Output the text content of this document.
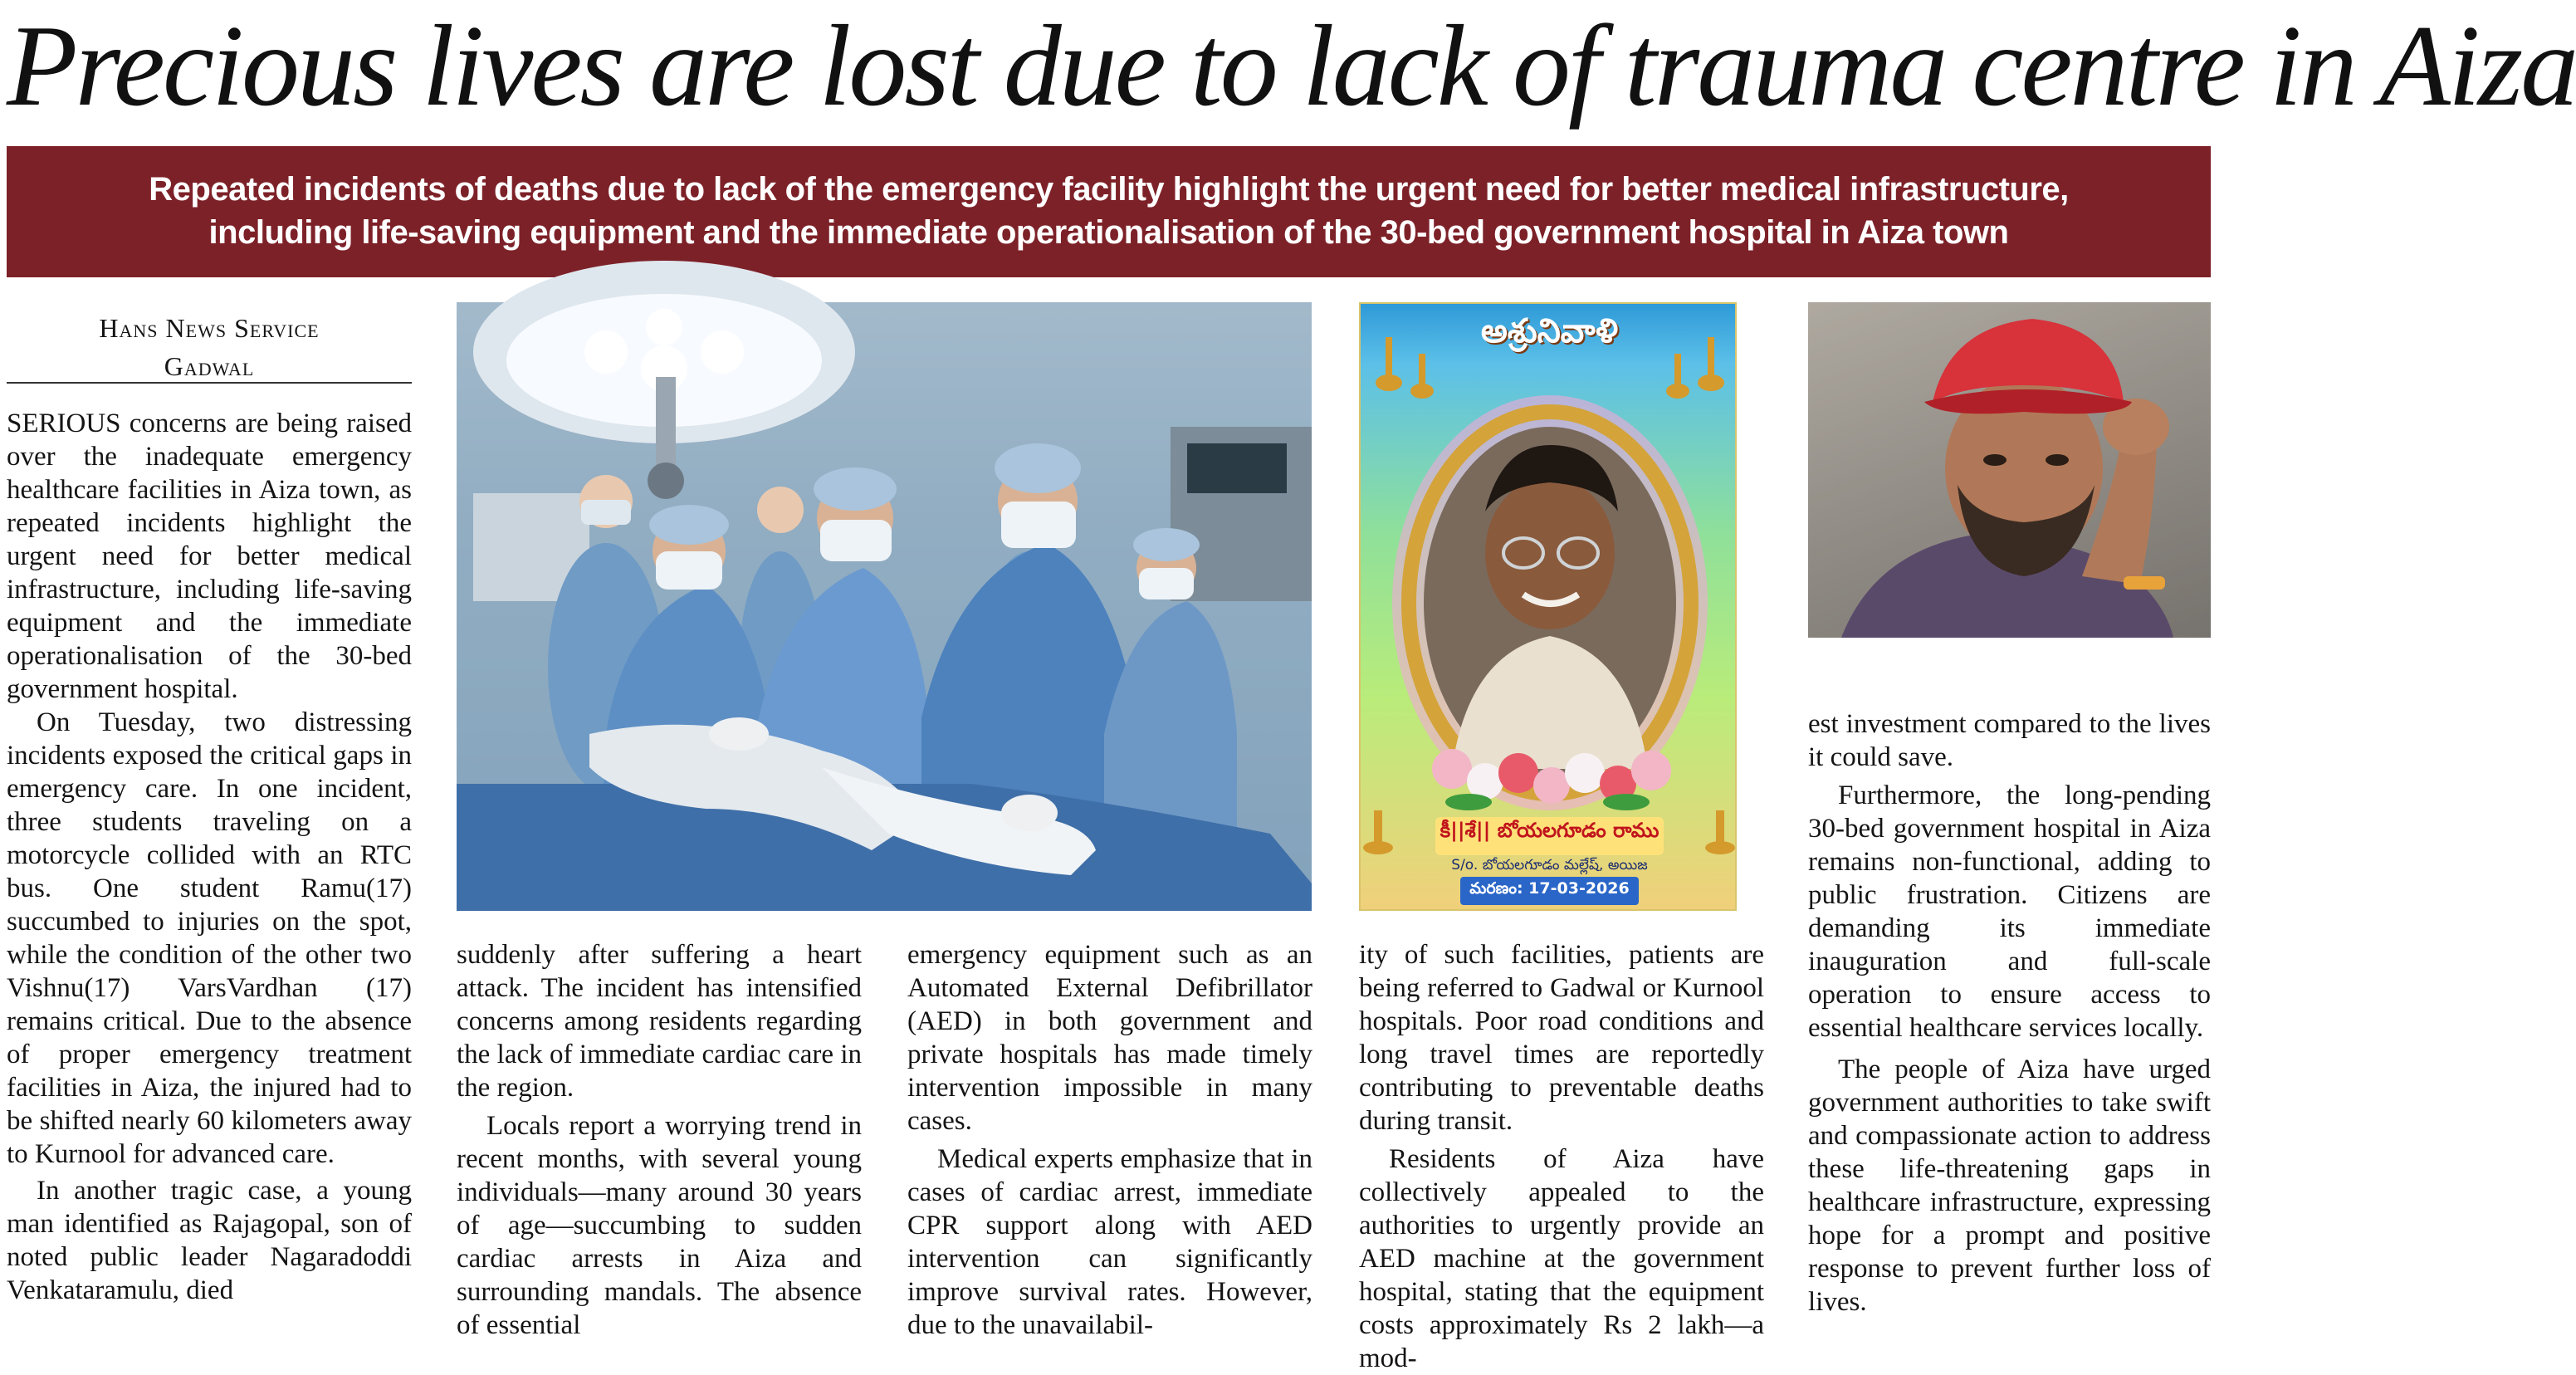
Precious lives are lost due to lack of trauma centre in Aiza

Repeated incidents of deaths due to lack of the emergency facility highlight the urgent need for better medical infrastructure,

including life-saving equipment and the immediate operationalisation of the 30-bed government hospital in Aiza town

Hans News Service
Gadwal

SERIOUS concerns are being raised over the inadequate emergency healthcare facilities in Aiza town, as repeated incidents highlight the urgent need for better medical infrastructure, including life-saving equipment and the immediate operationalisation of the 30-bed government hospital.

On Tuesday, two distressing incidents exposed the critical gaps in emergency care. In one incident, three students traveling on a motorcycle collided with an RTC bus. One student Ramu(17) succumbed to injuries on the spot, while the condition of the other two Vishnu(17) VarsVardhan (17) remains critical. Due to the absence of proper emergency treatment facilities in Aiza, the injured had to be shifted nearly 60 kilometers away to Kurnool for advanced care.

In another tragic case, a young man identified as Rajagopal, son of noted public leader Nagaradoddi Venkataramulu, died

అశ్రునివాళి
కీ||శే|| బోయలగూడం రాము
S/o. బోయలగూడం మల్లేష్, అయిజ
మరణం: 17-03-2026

suddenly after suffering a heart attack. The incident has intensified concerns among residents regarding the lack of immediate cardiac care in the region.

Locals report a worrying trend in recent months, with several young individuals—many around 30 years of age—succumbing to sudden cardiac arrests in Aiza and surrounding mandals. The absence of essential

emergency equipment such as an Automated External Defibrillator (AED) in both government and private hospitals has made timely intervention impossible in many cases.

Medical experts emphasize that in cases of cardiac arrest, immediate CPR support along with AED intervention can significantly improve survival rates. However, due to the unavailabil-

ity of such facilities, patients are being referred to Gadwal or Kurnool hospitals. Poor road conditions and long travel times are reportedly contributing to preventable deaths during transit.

Residents of Aiza have collectively appealed to the authorities to urgently provide an AED machine at the government hospital, stating that the equipment costs approximately Rs 2 lakh—a mod-

est investment compared to the lives it could save.

Furthermore, the long-pending 30-bed government hospital in Aiza remains non-functional, adding to public frustration. Citizens are demanding its immediate inauguration and full-scale operation to ensure access to essential healthcare services locally.

The people of Aiza have urged government authorities to take swift and compassionate action to address these life-threatening gaps in healthcare infrastructure, expressing hope for a prompt and positive response to prevent further loss of lives.
